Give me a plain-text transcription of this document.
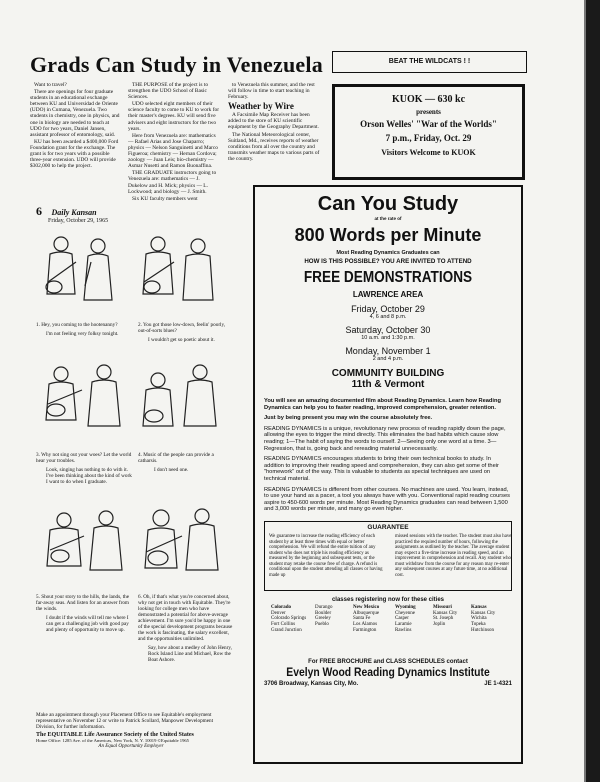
Grads Can Study in Venezuela

Want to travel?

There are openings for four graduate students in an educational exchange between KU and Universidad de Oriente (UDO) in Cumana, Venezuela. Two students in chemistry, one in physics, and one in biology are needed to teach at UDO for two years, Daniel Jansen, assistant professor of entomology, said.

KU has been awarded a $400,000 Ford Foundation grant for the exchange. The grant is for two years with a possible three-year extension. UDO will provide $302,000 to help the project.

THE PURPOSE of the project is to strengthen the UDO School of Basic Sciences.

UDO selected eight members of their science faculty to come to KU to work for their master's degrees. KU will send five advisers and eight instructors for the two years.

Here from Venezuela are: mathematics — Rafael Arias and Jose Chaparro; physics — Nelson Sanguinetti and Marco Figueroa; chemistry — Hernan Cordova; zoology — Juan Leis; bio-chemistry — Asmar Nusetti and Ramon Buonaffina.

THE GRADUATE instructors going to Venezuela are: mathematics — J. Dukelow and H. Mick; physics — L. Lockwood; and biology — J. Smith.

Six KU faculty members went

to Venezuela this summer, and the rest will follow in time to start teaching in February.

Weather by Wire

A Facsimile Map Receiver has been added to the store of KU scientific equipment by the Geography Department.

The National Meteorological center, Suitland, Md., receives reports of weather conditions from all over the country and transmits weather maps to various parts of the country.

6 Daily Kansan
Friday, October 29, 1965
1. Hey, you coming to the hootenanny?
I'm not feeling very folksy tonight.
2. You got those low-down, feelin' poorly, out-of-sorts blues?
I wouldn't get so poetic about it.
3. Why not sing out your woes? Let the world hear your troubles.
Look, singing has nothing to do with it. I've been thinking about the kind of work I want to do when I graduate.
4. Music of the people can provide a catharsis.
I don't need one.
5. Shout your story to the hills, the lands, the far-away seas. And listen for an answer from the winds.
I doubt if the winds will tell me where I can get a challenging job with good pay and plenty of opportunity to move up.
6. Oh, if that's what you're concerned about, why not get in touch with Equitable. They're looking for college men who have demonstrated a potential for above-average achievement. I'm sure you'd be happy in one of the special development programs because the work is fascinating, the salary excellent, and the opportunities unlimited.
Say, how about a medley of John Henry, Rock Island Line and Michael, Row the Boat Ashore.
Make an appointment through your Placement Office to see Equitable's employment representative on November 12 or write to Patrick Scollard, Manpower Development Division, for further information.
The EQUITABLE Life Assurance Society of the United States
Home Office: 1285 Ave. of the Americas, New York, N. Y. 10019 ©Equitable 1965
An Equal Opportunity Employer
BEAT THE WILDCATS ! !
KUOK — 630 kc
presents
Orson Welles' "War of the Worlds"
7 p.m., Friday, Oct. 29
Visitors Welcome to KUOK
Can You Study
at the rate of
800 Words per Minute
Most Reading Dynamics Graduates can
HOW IS THIS POSSIBLE? YOU ARE INVITED TO ATTEND
FREE DEMONSTRATIONS
LAWRENCE AREA
Friday, October 29
4, 6 and 8 p.m.
Saturday, October 30
10 a.m. and 1:30 p.m.
Monday, November 1
2 and 4 p.m.
COMMUNITY BUILDING
11th & Vermont

You will see an amazing documented film about Reading Dynamics. Learn how Reading Dynamics can help you to faster reading, improved comprehension, greater retention.

Just by being present you may win the course absolutely free.

READING DYNAMICS is a unique, revolutionary new process of reading rapidly down the page, allowing the eyes to trigger the mind directly. This eliminates the bad habits which cause slow reading; 1—The habit of saying the words to ourself. 2—Seeing only one word at a time. 3—Regression, that is, going back and rereading material unnecessarily.

READING DYNAMICS encourages students to bring their own technical books to study. In addition to improving their reading speed and comprehension, they can also get some of their "homework" out of the way. This is valuable to students as special techniques are used on technical material.

READING DYNAMICS is different from other courses. No machines are used. You learn, instead, to use your hand as a pacer, a tool you always have with you. Conventional rapid reading courses aspire to 450-600 words per minute. Most Reading Dynamics graduates can read between 1,500 and 3,000 words per minute, and many go even higher.

GUARANTEE
We guarantee to increase the reading efficiency of each student by at least three times with equal or better comprehension. We will refund the entire tuition of any student who does not triple his reading efficiency as measured by the beginning and subsequent tests, or the student may retake the course free of charge. A refund is conditional upon the student attending all classes or having made up
missed sessions with the teacher. The student must also have practiced the required number of hours, following the assignments as outlined by the teacher. The average student may expect a five-time increase in reading speed, and an improvement in comprehension and recall. Any student who must withdraw from the course for any reason may re-enter any subsequent courses at any future time, at no additional cost.
classes registering now for these cities
Colorado
Denver
Colorado Springs
Fort Collins
Grand Junction
Durango
Boulder
Greeley
Pueblo
New Mexico
Albuquerque
Santa Fe
Los Alamos
Farmington
Wyoming
Cheyenne
Casper
Laramie
Rawlins
Missouri
Kansas City
St. Joseph
Joplin
Kansas
Kansas City
Wichita
Topeka
Hutchinson
For FREE BROCHURE and CLASS SCHEDULES contact
Evelyn Wood Reading Dynamics Institute
3706 Broadway, Kansas City, Mo.	JE 1-4321
